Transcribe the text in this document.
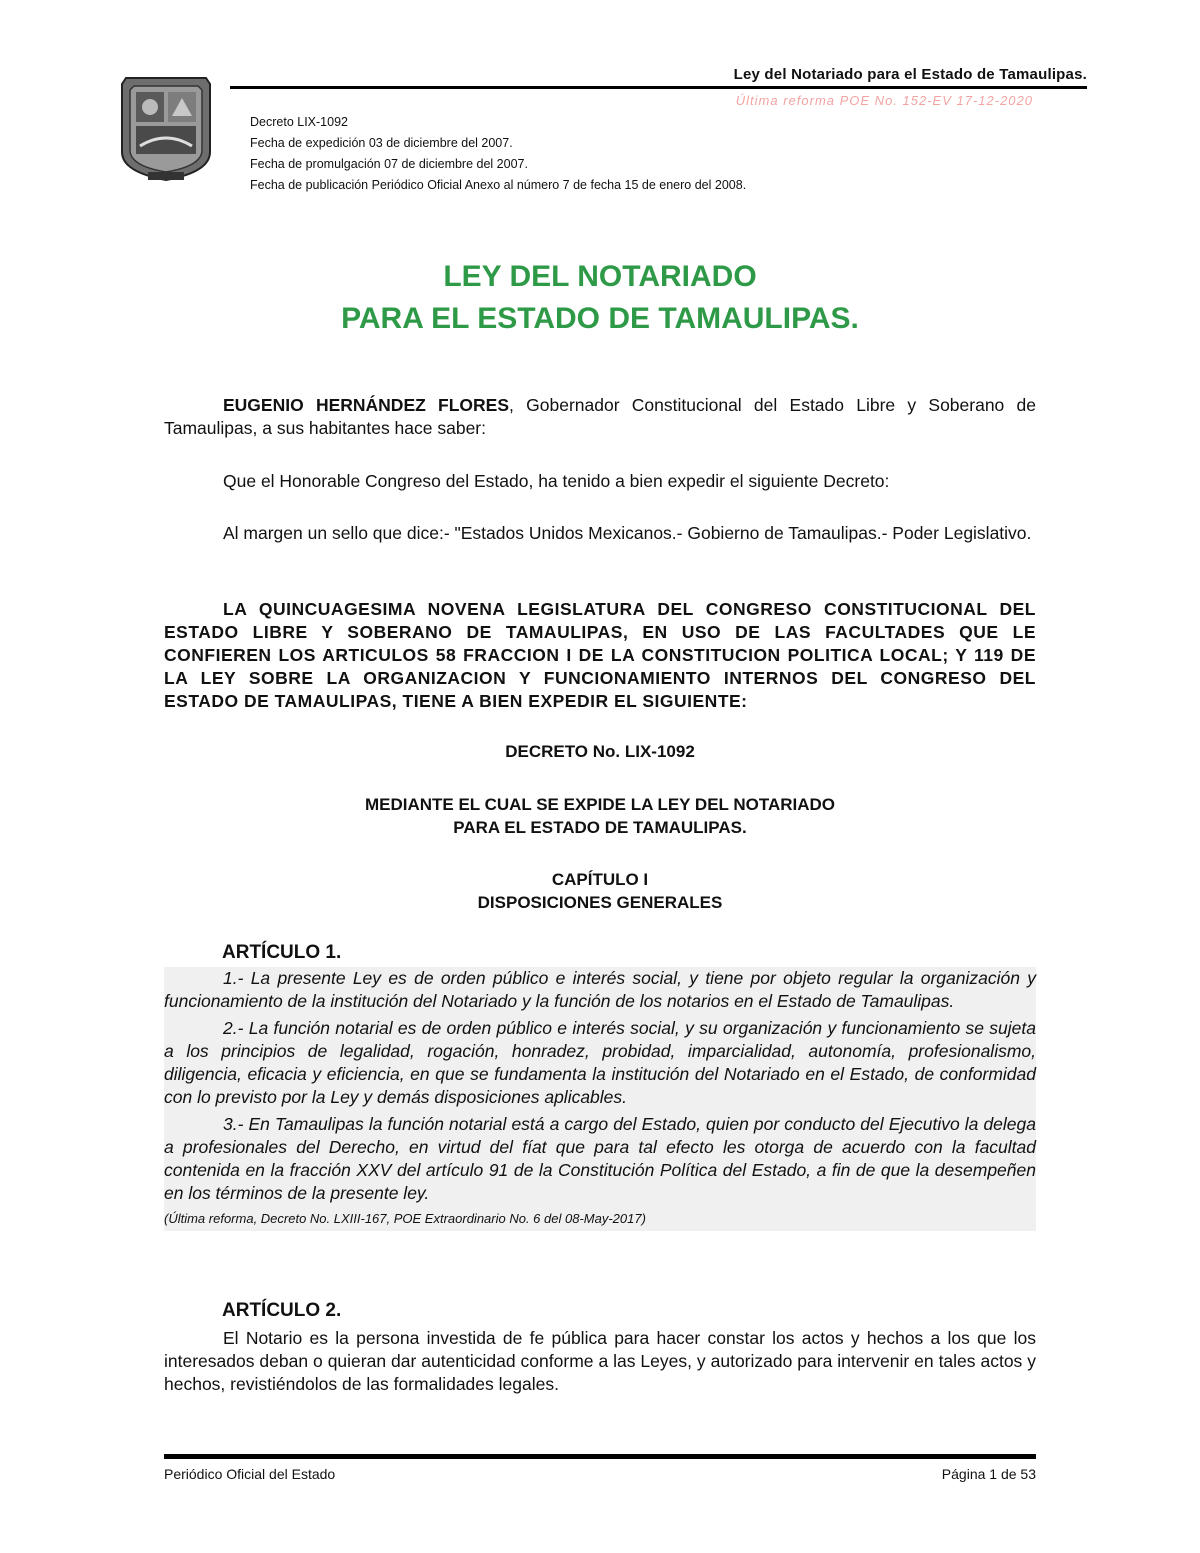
Ley del Notariado para el Estado de Tamaulipas.
Última reforma POE No. 152-EV 17-12-2020
Decreto LIX-1092
Fecha de expedición 03 de diciembre del 2007.
Fecha de promulgación 07 de diciembre del 2007.
Fecha de publicación Periódico Oficial Anexo al número 7 de fecha 15 de enero del 2008.
LEY DEL NOTARIADO
PARA EL ESTADO DE TAMAULIPAS.
EUGENIO HERNÁNDEZ FLORES, Gobernador Constitucional del Estado Libre y Soberano de Tamaulipas, a sus habitantes hace saber:
Que el Honorable Congreso del Estado, ha tenido a bien expedir el siguiente Decreto:
Al margen un sello que dice:- "Estados Unidos Mexicanos.- Gobierno de Tamaulipas.- Poder Legislativo.
LA QUINCUAGESIMA NOVENA LEGISLATURA DEL CONGRESO CONSTITUCIONAL DEL ESTADO LIBRE Y SOBERANO DE TAMAULIPAS, EN USO DE LAS FACULTADES QUE LE CONFIEREN LOS ARTICULOS 58 FRACCION I DE LA CONSTITUCION POLITICA LOCAL; Y 119 DE LA LEY SOBRE LA ORGANIZACION Y FUNCIONAMIENTO INTERNOS DEL CONGRESO DEL ESTADO DE TAMAULIPAS, TIENE A BIEN EXPEDIR EL SIGUIENTE:
DECRETO No. LIX-1092
MEDIANTE EL CUAL SE EXPIDE LA LEY DEL NOTARIADO
PARA EL ESTADO DE TAMAULIPAS.
CAPÍTULO I
DISPOSICIONES GENERALES
ARTÍCULO 1.

1.- La presente Ley es de orden público e interés social, y tiene por objeto regular la organización y funcionamiento de la institución del Notariado y la función de los notarios en el Estado de Tamaulipas.

2.- La función notarial es de orden público e interés social, y su organización y funcionamiento se sujeta a los principios de legalidad, rogación, honradez, probidad, imparcialidad, autonomía, profesionalismo, diligencia, eficacia y eficiencia, en que se fundamenta la institución del Notariado en el Estado, de conformidad con lo previsto por la Ley y demás disposiciones aplicables.

3.- En Tamaulipas la función notarial está a cargo del Estado, quien por conducto del Ejecutivo la delega a profesionales del Derecho, en virtud del fíat que para tal efecto les otorga de acuerdo con la facultad contenida en la fracción XXV del artículo 91 de la Constitución Política del Estado, a fin de que la desempeñen en los términos de la presente ley.

(Última reforma, Decreto No. LXIII-167, POE Extraordinario No. 6 del 08-May-2017)

ARTÍCULO 2.
El Notario es la persona investida de fe pública para hacer constar los actos y hechos a los que los interesados deban o quieran dar autenticidad conforme a las Leyes, y autorizado para intervenir en tales actos y hechos, revistiéndolos de las formalidades legales.
Periódico Oficial del Estado	Página 1 de 53
